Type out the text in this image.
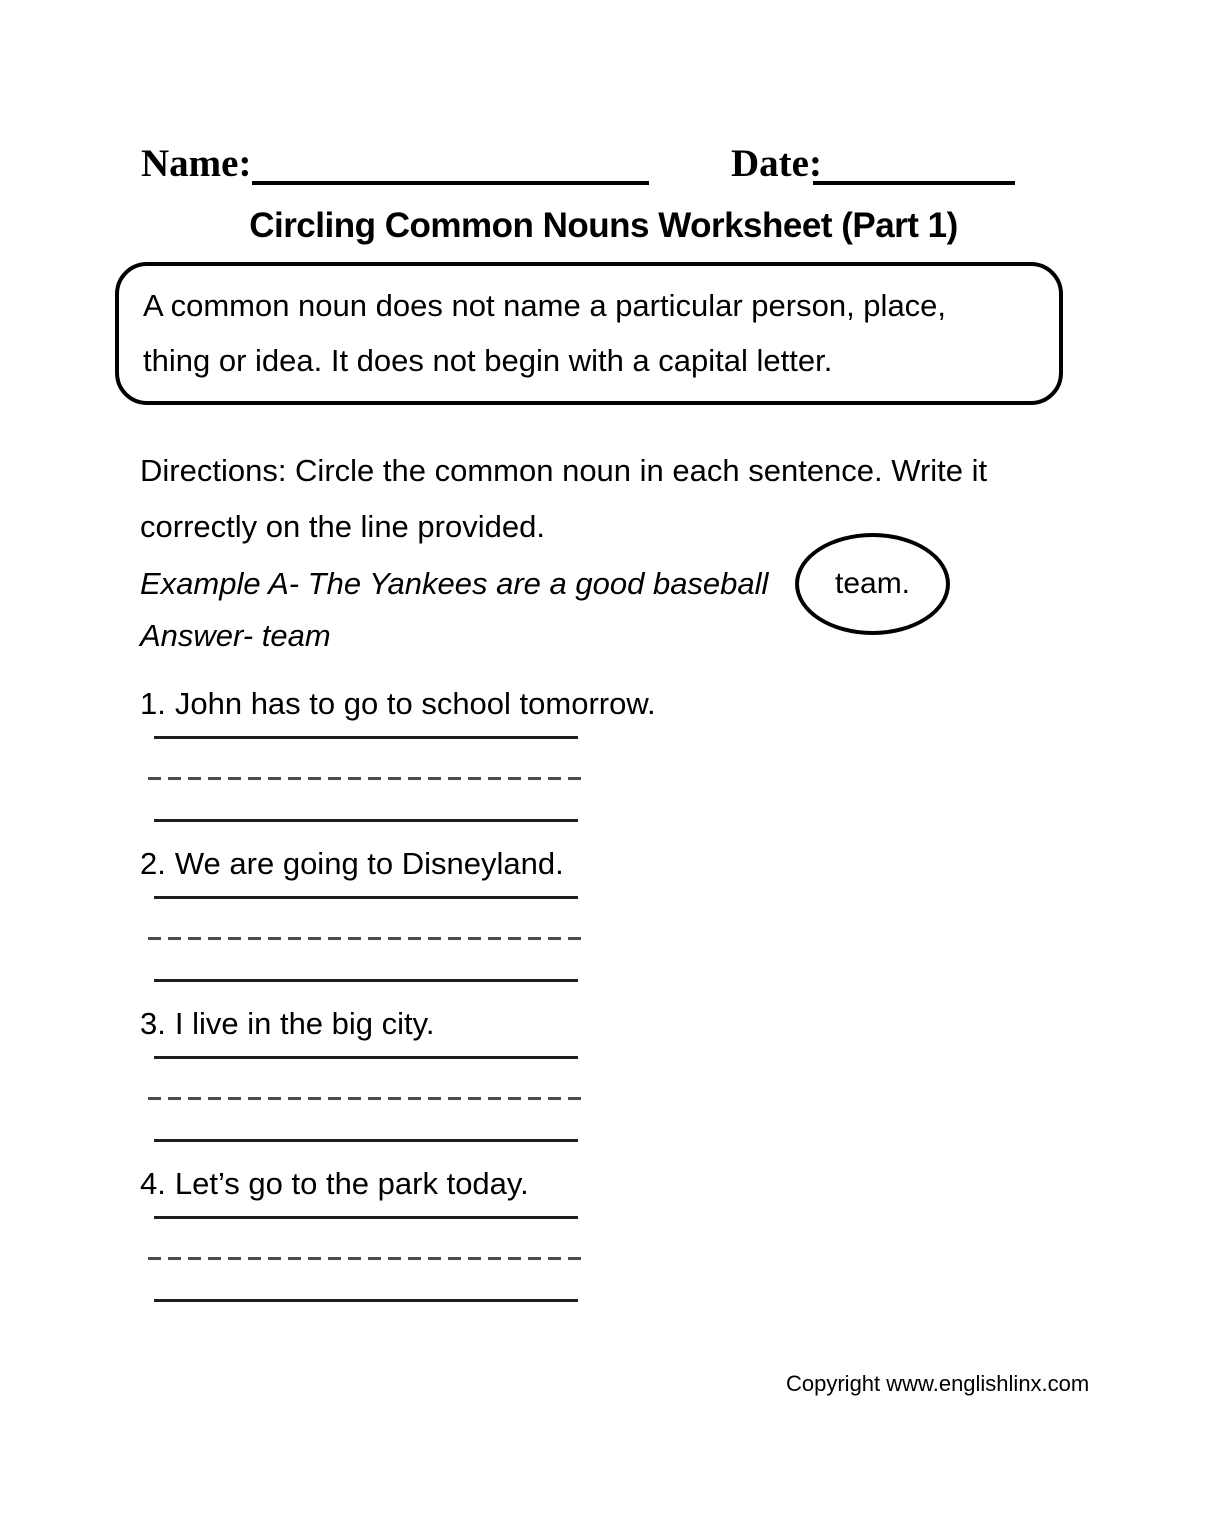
Name:	Date:
Circling Common Nouns Worksheet (Part 1)

A common noun does not name a particular person, place, thing or idea. It does not begin with a capital letter.

Directions: Circle the common noun in each sentence. Write it correctly on the line provided.

Example A- The Yankees are a good baseball team.

Answer- team

1. John has to go to school tomorrow.

2. We are going to Disneyland.

3. I live in the big city.

4. Let’s go to the park today.

Copyright www.englishlinx.com
